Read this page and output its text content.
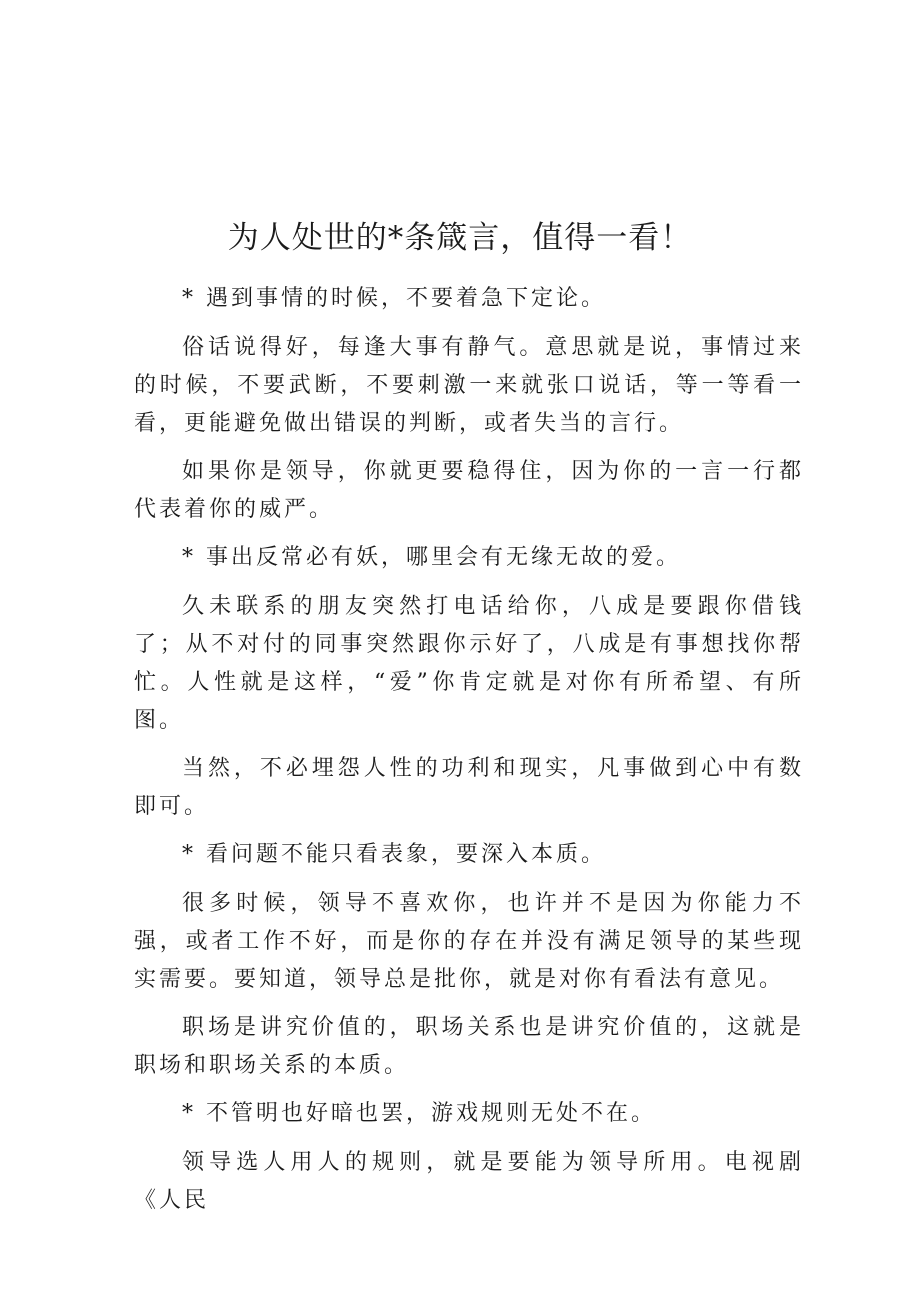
为人处世的*条箴言，值得一看！

* 遇到事情的时候，不要着急下定论。

俗话说得好，每逢大事有静气。意思就是说，事情过来的时候，不要武断，不要刺激一来就张口说话，等一等看一看，更能避免做出错误的判断，或者失当的言行。

如果你是领导，你就更要稳得住，因为你的一言一行都代表着你的威严。

* 事出反常必有妖，哪里会有无缘无故的爱。

久未联系的朋友突然打电话给你，八成是要跟你借钱了；从不对付的同事突然跟你示好了，八成是有事想找你帮忙。人性就是这样，“爱”你肯定就是对你有所希望、有所图。

当然，不必埋怨人性的功利和现实，凡事做到心中有数即可。

* 看问题不能只看表象，要深入本质。

很多时候，领导不喜欢你，也许并不是因为你能力不强，或者工作不好，而是你的存在并没有满足领导的某些现实需要。要知道，领导总是批你，就是对你有看法有意见。

职场是讲究价值的，职场关系也是讲究价值的，这就是职场和职场关系的本质。

* 不管明也好暗也罢，游戏规则无处不在。

领导选人用人的规则，就是要能为领导所用。电视剧《人民
